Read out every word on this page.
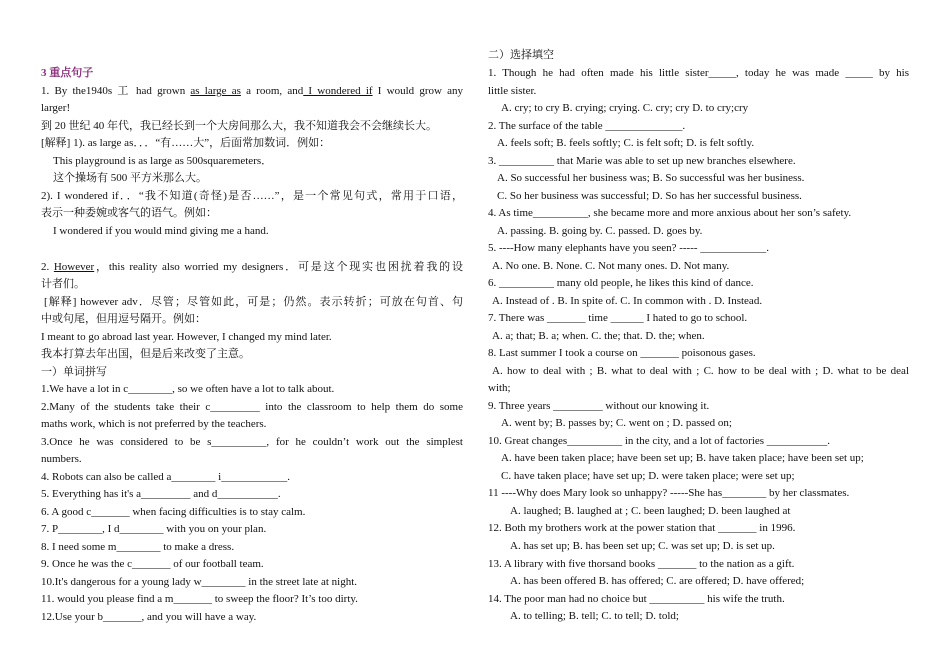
3 重点句子
1. By the1940s 工 had grown as large as a room, and I wondered if I would grow any
larger!
到 20 世纪 40 年代，我已经长到一个大房间那么大，我不知道我会不会继续长大。
[解释] 1). as large as．．．“有……大”，后面常加数词．例如：
This playground is as large as 500squaremeters．
这个操场有 500 平方米那么大。
2). I wondered if．．“我不知道(奇怪)是否……”，是一个常见句式，常用于口语，
表示一种委婉或客气的语气。例如：
I wondered if you would mind giving me a hand.
2. However，this reality also worried my designers．可是这个现实也困扰着我的设
计者们。
[解释] however adv．尽管；尽管如此，可是；仍然。表示转折；可放在句首、句
中或句尾，但用逗号隔开。例如：
I meant to go abroad last year. However, I changed my mind later.
我本打算去年出国，但是后来改变了主意。
一）单词拼写
1.We have a lot in c________, so we often have a lot to talk about.
2.Many of the students take their c_________ into the classroom to help them do some
maths work, which is not preferred by the teachers.
3.Once he was considered to be s__________, for he couldn’t work out the simplest
numbers.
4. Robots can also be called a________ i____________.
5. Everything has it's a_________ and d___________.
6. A good c_______ when facing difficulties is to stay calm.
7. P________, I d________ with you on your plan.
8. I need some m________ to make a dress.
9. Once he was the c_______ of our football team.
10.It's dangerous for a young lady w________ in the street late at night.
11. would you please find a m_______ to sweep the floor? It’s too dirty.
12.Use your b_______, and you will have a way.
二）选择填空
1. Though he had often made his little sister_____, today he was made _____ by his
little sister.
A. cry; to cry B. crying; crying. C. cry; cry D. to cry;cry
2. The surface of the table ______________.
A. feels soft; B. feels softly; C. is felt soft; D. is felt softly.
3. __________ that Marie was able to set up new branches elsewhere.
A. So successful her business was; B. So successful was her business.
C. So her business was successful; D. So has her successful business.
4. As time__________, she became more and more anxious about her son’s safety.
A. passing. B. going by. C. passed. D. goes by.
5. ----How many elephants have you seen? ----- ____________.
A. No one. B. None. C. Not many ones. D. Not many.
6. __________ many old people, he likes this kind of dance.
A. Instead of . B. In spite of. C. In common with . D. Instead.
7. There was _______ time ______ I hated to go to school.
A. a; that; B. a; when. C. the; that. D. the; when.
8. Last summer I took a course on _______ poisonous gases.
A. how to deal with ; B. what to deal with ; C. how to be deal with ; D. what to be deal
with;
9. Three years _________ without our knowing it.
A. went by; B. passes by; C. went on ; D. passed on;
10. Great changes__________ in the city, and a lot of factories ___________.
A. have been taken place; have been set up; B. have taken place; have been set up;
C. have taken place; have set up; D. were taken place; were set up;
11 ----Why does Mary look so unhappy? -----She has________ by her classmates.
A. laughed; B. laughed at ; C. been laughed; D. been laughed at
12. Both my brothers work at the power station that _______ in 1996.
A. has set up; B. has been set up; C. was set up; D. is set up.
13. A library with five thorsand books _______ to the nation as a gift.
A. has been offered B. has offered; C. are offered; D. have offered;
14. The poor man had no choice but __________ his wife the truth.
A. to telling; B. tell; C. to tell; D. told;
